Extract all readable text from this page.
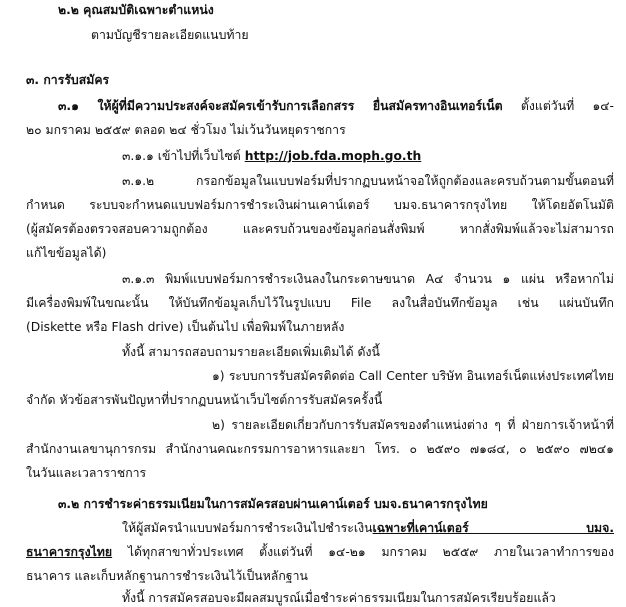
๒.๒ คุณสมบัติเฉพาะตำแหน่ง
ตามบัญชีรายละเอียดแนบท้าย
๓. การรับสมัคร
๓.๑ ให้ผู้ที่มีความประสงค์จะสมัครเข้ารับการเลือกสรร ยื่นสมัครทางอินเทอร์เน็ต ตั้งแต่วันที่ ๑๔-
๒๐ มกราคม ๒๕๕๙ ตลอด ๒๔ ชั่วโมง ไม่เว้นวันหยุดราชการ
๓.๑.๑ เข้าไปที่เว็บไซต์ http://job.fda.moph.go.th
๓.๑.๒ กรอกข้อมูลในแบบฟอร์มที่ปรากฏบนหน้าจอให้ถูกต้องและครบถ้วนตามขั้นตอนที่
กำหนด ระบบจะกำหนดแบบฟอร์มการชำระเงินผ่านเคาน์เตอร์ บมจ.ธนาคารกรุงไทย ให้โดยอัตโนมัติ
(ผู้สมัครต้องตรวจสอบความถูกต้อง และครบถ้วนของข้อมูลก่อนสั่งพิมพ์ หากสั่งพิมพ์แล้วจะไม่สามารถ
แก้ไขข้อมูลได้)
๓.๑.๓ พิมพ์แบบฟอร์มการชำระเงินลงในกระดาษขนาด A๔ จำนวน ๑ แผ่น หรือหากไม่
มีเครื่องพิมพ์ในขณะนั้น ให้บันทึกข้อมูลเก็บไว้ในรูปแบบ File ลงในสื่อบันทึกข้อมูล เช่น แผ่นบันทึก
(Diskette หรือ Flash drive) เป็นต้นไป เพื่อพิมพ์ในภายหลัง
ทั้งนี้ สามารถสอบถามรายละเอียดเพิ่มเติมได้ ดังนี้
๑) ระบบการรับสมัครติดต่อ Call Center บริษัท อินเทอร์เน็ตแห่งประเทศไทย
จำกัด หัวข้อสารพันปัญหาที่ปรากฏบนหน้าเว็บไซต์การรับสมัครครั้งนี้
๒) รายละเอียดเกี่ยวกับการรับสมัครของตำแหน่งต่าง ๆ ที่ ฝ่ายการเจ้าหน้าที่
สำนักงานเลขานุการกรม สำนักงานคณะกรรมการอาหารและยา โทร. ๐ ๒๕๙๐ ๗๑๘๔, ๐ ๒๕๙๐ ๗๒๔๑
ในวันและเวลาราชการ
๓.๒ การชำระค่าธรรมเนียมในการสมัครสอบผ่านเคาน์เตอร์ บมจ.ธนาคารกรุงไทย
ให้ผู้สมัครนำแบบฟอร์มการชำระเงินไปชำระเงินเฉพาะที่เคาน์เตอร์ บมจ.
ธนาคารกรุงไทย ได้ทุกสาขาทั่วประเทศ ตั้งแต่วันที่ ๑๔-๒๑ มกราคม ๒๕๕๙ ภายในเวลาทำการของ
ธนาคาร และเก็บหลักฐานการชำระเงินไว้เป็นหลักฐาน
ทั้งนี้ การสมัครสอบจะมีผลสมบูรณ์เมื่อชำระค่าธรรมเนียมในการสมัครเรียบร้อยแล้ว
